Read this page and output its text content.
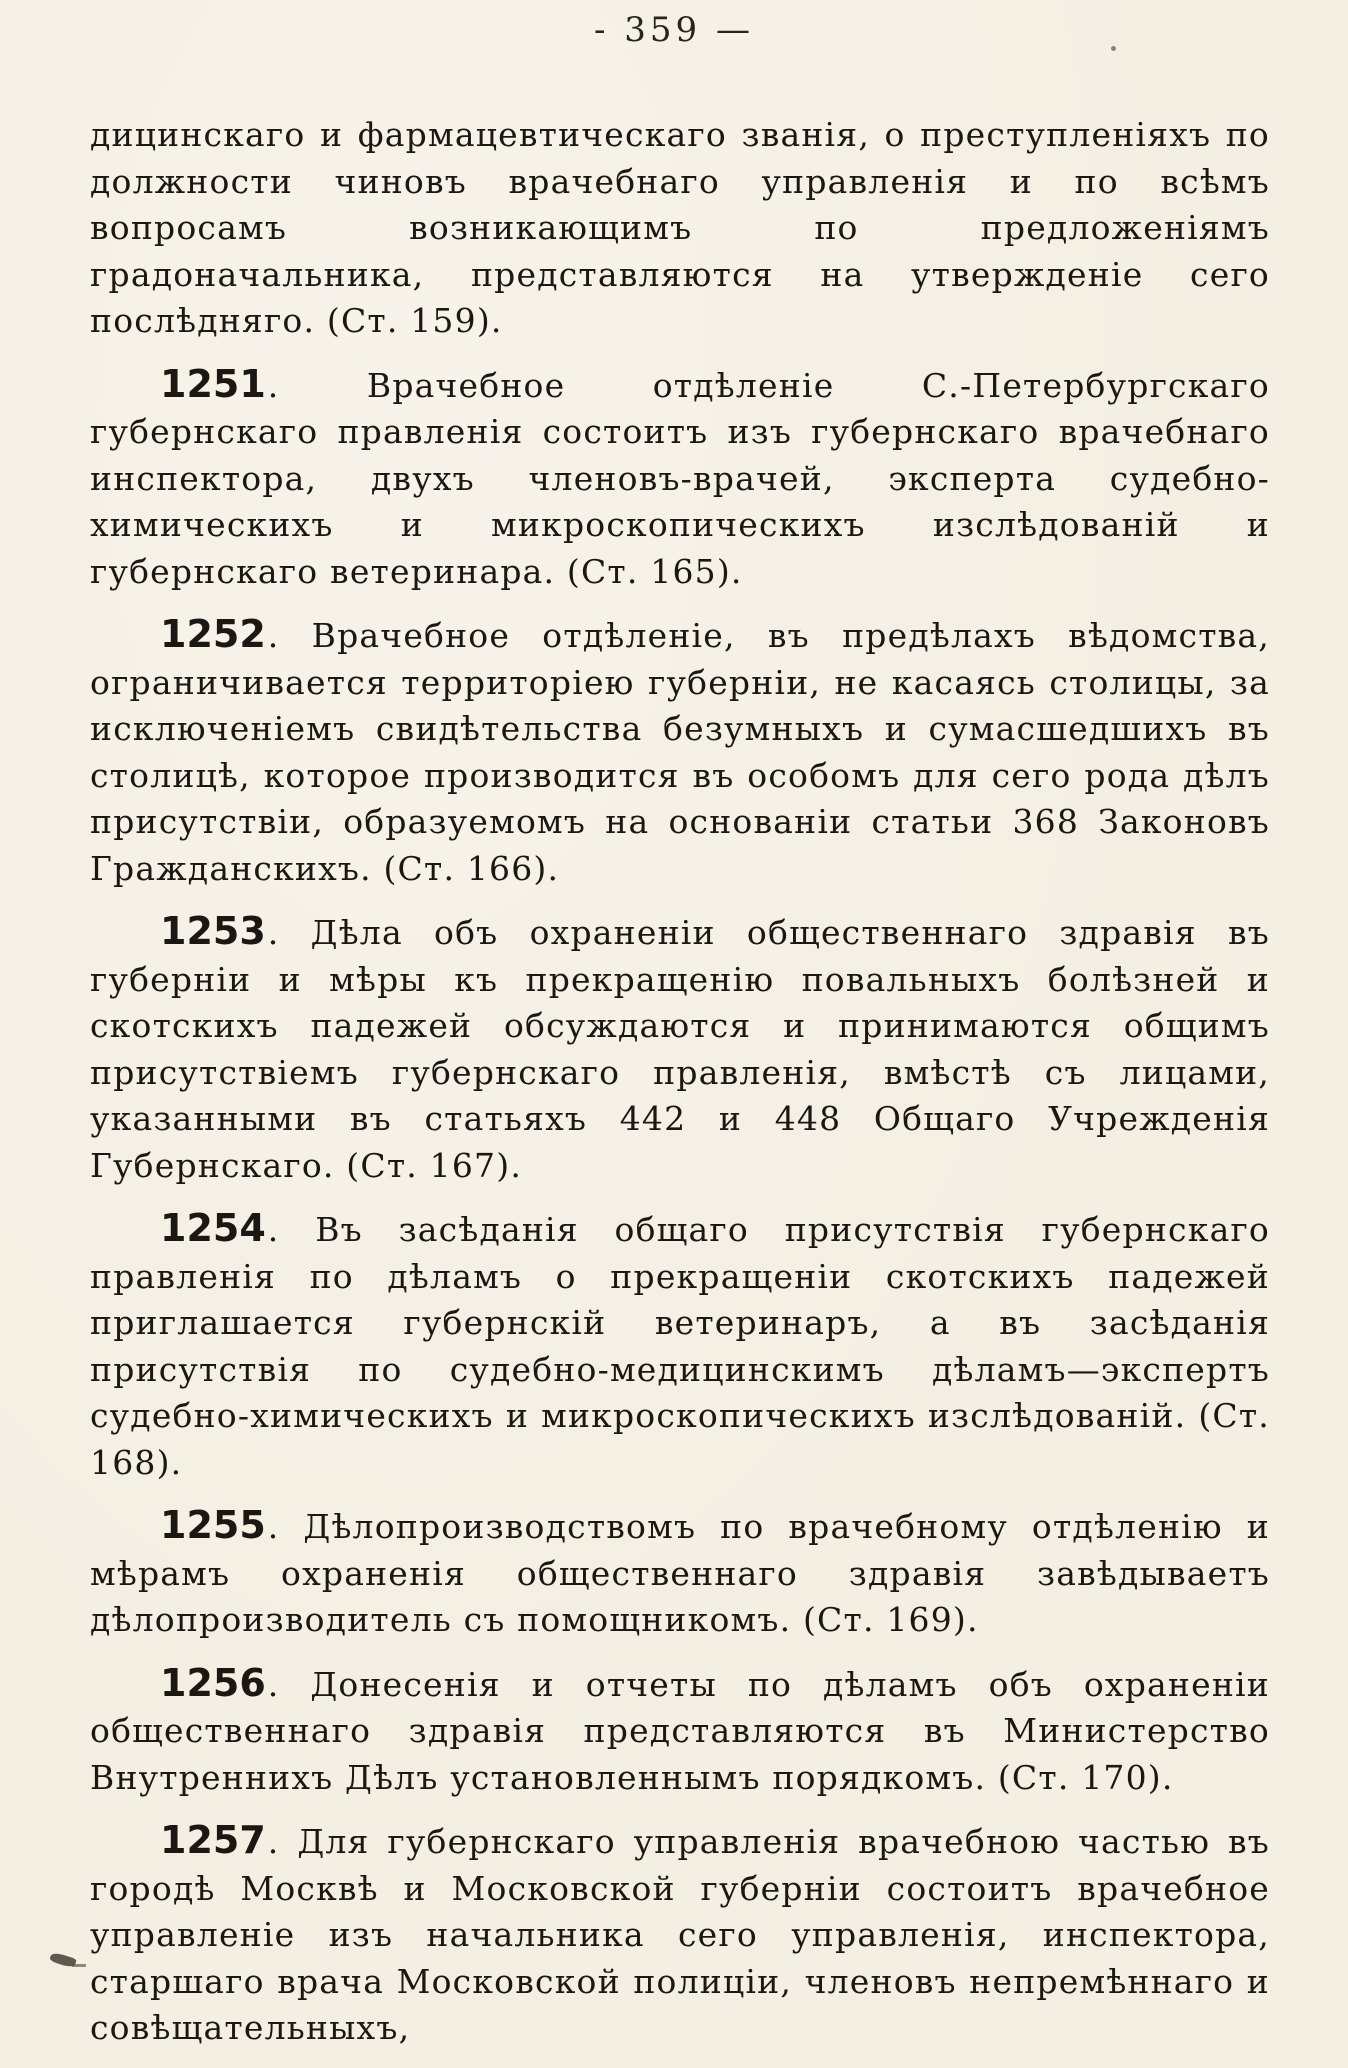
- 359 —

дицинскаго и фармацевтическаго званія, о преступленіяхъ по должности чиновъ врачебнаго управленія и по всѣмъ вопросамъ возникающимъ по предложеніямъ градоначальника, представляются на утвержденіе сего послѣдняго. (Ст. 159).

1251. Врачебное отдѣленіе С.-Петербургскаго губернскаго правленія состоитъ изъ губернскаго врачебнаго инспектора, двухъ членовъ-врачей, эксперта судебно-химическихъ и микроскопическихъ изслѣдованій и губернскаго ветеринара. (Ст. 165).

1252. Врачебное отдѣленіе, въ предѣлахъ вѣдомства, ограничивается территоріею губерніи, не касаясь столицы, за исключеніемъ свидѣтельства безумныхъ и сумасшедшихъ въ столицѣ, которое производится въ особомъ для сего рода дѣлъ присутствіи, образуемомъ на основаніи статьи 368 Законовъ Гражданскихъ. (Ст. 166).

1253. Дѣла объ охраненіи общественнаго здравія въ губерніи и мѣры къ прекращенію повальныхъ болѣзней и скотскихъ падежей обсуждаются и принимаются общимъ присутствіемъ губернскаго правленія, вмѣстѣ съ лицами, указанными въ статьяхъ 442 и 448 Общаго Учрежденія Губернскаго. (Ст. 167).

1254. Въ засѣданія общаго присутствія губернскаго правленія по дѣламъ о прекращеніи скотскихъ падежей приглашается губернскій ветеринаръ, а въ засѣданія присутствія по судебно-медицинскимъ дѣламъ—экспертъ судебно-химическихъ и микроскопическихъ изслѣдованій. (Ст. 168).

1255. Дѣлопроизводствомъ по врачебному отдѣленію и мѣрамъ охраненія общественнаго здравія завѣдываетъ дѣлопроизводитель съ помощникомъ. (Ст. 169).

1256. Донесенія и отчеты по дѣламъ объ охраненіи общественнаго здравія представляются въ Министерство Внутреннихъ Дѣлъ установленнымъ порядкомъ. (Ст. 170).

1257. Для губернскаго управленія врачебною частью въ городѣ Москвѣ и Московской губерніи состоитъ врачебное управленіе изъ начальника сего управленія, инспектора, старшаго врача Московской полиціи, членовъ непремѣннаго и совѣщательныхъ,
